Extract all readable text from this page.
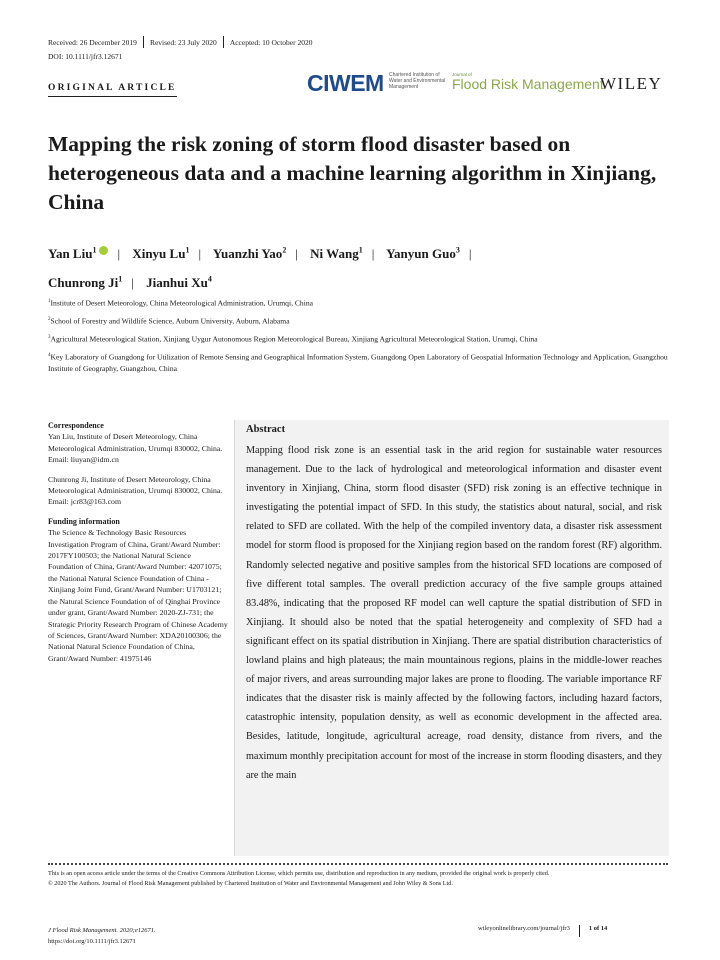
Received: 26 December 2019 Revised: 23 July 2020 Accepted: 10 October 2020
DOI: 10.1111/jfr3.12671
ORIGINAL ARTICLE	CIWEM Chartered Institution of Water and Environmental Management
Journal of
Flood Risk Management
WILEY
Mapping the risk zoning of storm flood disaster based on heterogeneous data and a machine learning algorithm in Xinjiang, China
Yan Liu$^1$ | Xinyu Lu$^1$ | Yuanzhi Yao$^2$ | Ni Wang$^1$ | Yanyun Guo$^3$ |
Chunrong Ji$^1$ | Jianhui Xu$^4$

$^1$Institute of Desert Meteorology, China Meteorological Administration, Urumqi, China

$^2$School of Forestry and Wildlife Science, Auburn University, Auburn, Alabama

$^3$Agricultural Meteorological Station, Xinjiang Uygur Autonomous Region Meteorological Bureau, Xinjiang Agricultural Meteorological Station, Urumqi, China

$^4$Key Laboratory of Guangdong for Utilization of Remote Sensing and Geographical Information System, Guangdong Open Laboratory of Geospatial Information Technology and Application, Guangzhou Institute of Geography, Guangzhou, China

Correspondence

Yan Liu, Institute of Desert Meteorology, China Meteorological Administration, Urumqi 830002, China. Email: liuyan@idm.cn

Chunrong Ji, Institute of Desert Meteorology, China Meteorological Administration, Urumqi 830002, China. Email: jcr83@163.com

Funding information

The Science & Technology Basic Resources Investigation Program of China, Grant/Award Number: 2017FY100503; the National Natural Science Foundation of China, Grant/Award Number: 42071075; the National Natural Science Foundation of China - Xinjiang Joint Fund, Grant/Award Number: U1703121; the Natural Science Foundation of of Qinghai Province under grant, Grant/Award Number: 2020-ZJ-731; the Strategic Priority Research Program of Chinese Academy of Sciences, Grant/Award Number: XDA20100306; the National Natural Science Foundation of China, Grant/Award Number: 41975146

Abstract
Mapping flood risk zone is an essential task in the arid region for sustainable water resources management. Due to the lack of hydrological and meteorological information and disaster event inventory in Xinjiang, China, storm flood disaster (SFD) risk zoning is an effective technique in investigating the potential impact of SFD. In this study, the statistics about natural, social, and risk related to SFD are collated. With the help of the compiled inventory data, a disaster risk assessment model for storm flood is proposed for the Xinjiang region based on the random forest (RF) algorithm. Randomly selected negative and positive samples from the historical SFD locations are composed of five different total samples. The overall prediction accuracy of the five sample groups attained 83.48%, indicating that the proposed RF model can well capture the spatial distribution of SFD in Xinjiang. It should also be noted that the spatial heterogeneity and complexity of SFD had a significant effect on its spatial distribution in Xinjiang. There are spatial distribution characteristics of lowland plains and high plateaus; the main mountainous regions, plains in the middle-lower reaches of major rivers, and areas surrounding major lakes are prone to flooding. The variable importance RF indicates that the disaster risk is mainly affected by the following factors, including hazard factors, catastrophic intensity, population density, as well as economic development in the affected area. Besides, latitude, longitude, agricultural acreage, road density, distance from rivers, and the maximum monthly precipitation account for most of the increase in storm flooding disasters, and they are the main

This is an open access article under the terms of the Creative Commons Attribution License, which permits use, distribution and reproduction in any medium, provided the original work is properly cited.

© 2020 The Authors. Journal of Flood Risk Management published by Chartered Institution of Water and Environmental Management and John Wiley & Sons Ltd.

J Flood Risk Management. 2020;e12671.
https://doi.org/10.1111/jfr3.12671
wileyonlinelibrary.com/journal/jfr3	1 of 14
